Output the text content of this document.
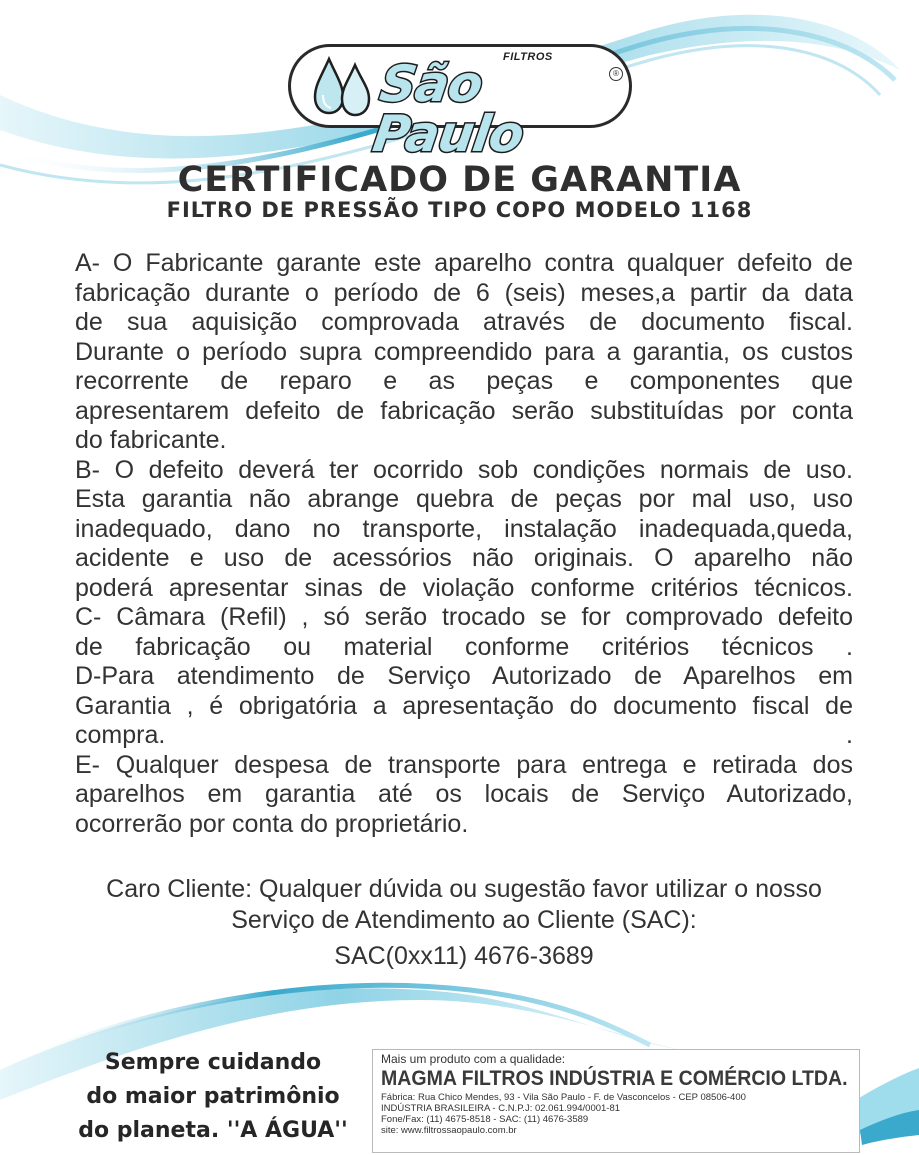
FILTROS
São Paulo
®
CERTIFICADO DE GARANTIA
FILTRO DE PRESSÃO TIPO COPO MODELO 1168
A- O Fabricante garante este aparelho contra qualquer defeito de
fabricação durante o período de 6 (seis) meses,a partir da data
de sua aquisição comprovada através de documento fiscal.
Durante o período supra compreendido para a garantia, os custos
recorrente de reparo e as peças e componentes que
apresentarem defeito de fabricação serão substituídas por conta
do fabricante.
B- O defeito deverá ter ocorrido sob condições normais de uso.
Esta garantia não abrange quebra de peças por mal uso, uso
inadequado, dano no transporte, instalação inadequada,queda,
acidente e uso de acessórios não originais. O aparelho não
poderá apresentar sinas de violação conforme critérios técnicos.
C- Câmara (Refil) , só serão trocado se for comprovado defeito
de fabricação ou material conforme critérios técnicos .
D-Para atendimento de Serviço Autorizado de Aparelhos em
Garantia , é obrigatória a apresentação do documento fiscal de
compra. .
E- Qualquer despesa de transporte para entrega e retirada dos
aparelhos em garantia até os locais de Serviço Autorizado,
ocorrerão por conta do proprietário.
Caro Cliente: Qualquer dúvida ou sugestão favor utilizar o nosso
Serviço de Atendimento ao Cliente (SAC):
SAC(0xx11) 4676-3689
Sempre cuidando
do maior patrimônio
do planeta. ''A ÁGUA''
Mais um produto com a qualidade:
MAGMA FILTROS INDÚSTRIA E COMÉRCIO LTDA.
Fábrica: Rua Chico Mendes, 93 - Vila São Paulo - F. de Vasconcelos - CEP 08506-400
INDÚSTRIA BRASILEIRA - C.N.P.J: 02.061.994/0001-81
Fone/Fax: (11) 4675-8518 - SAC: (11) 4676-3589
site: www.filtrossaopaulo.com.br
